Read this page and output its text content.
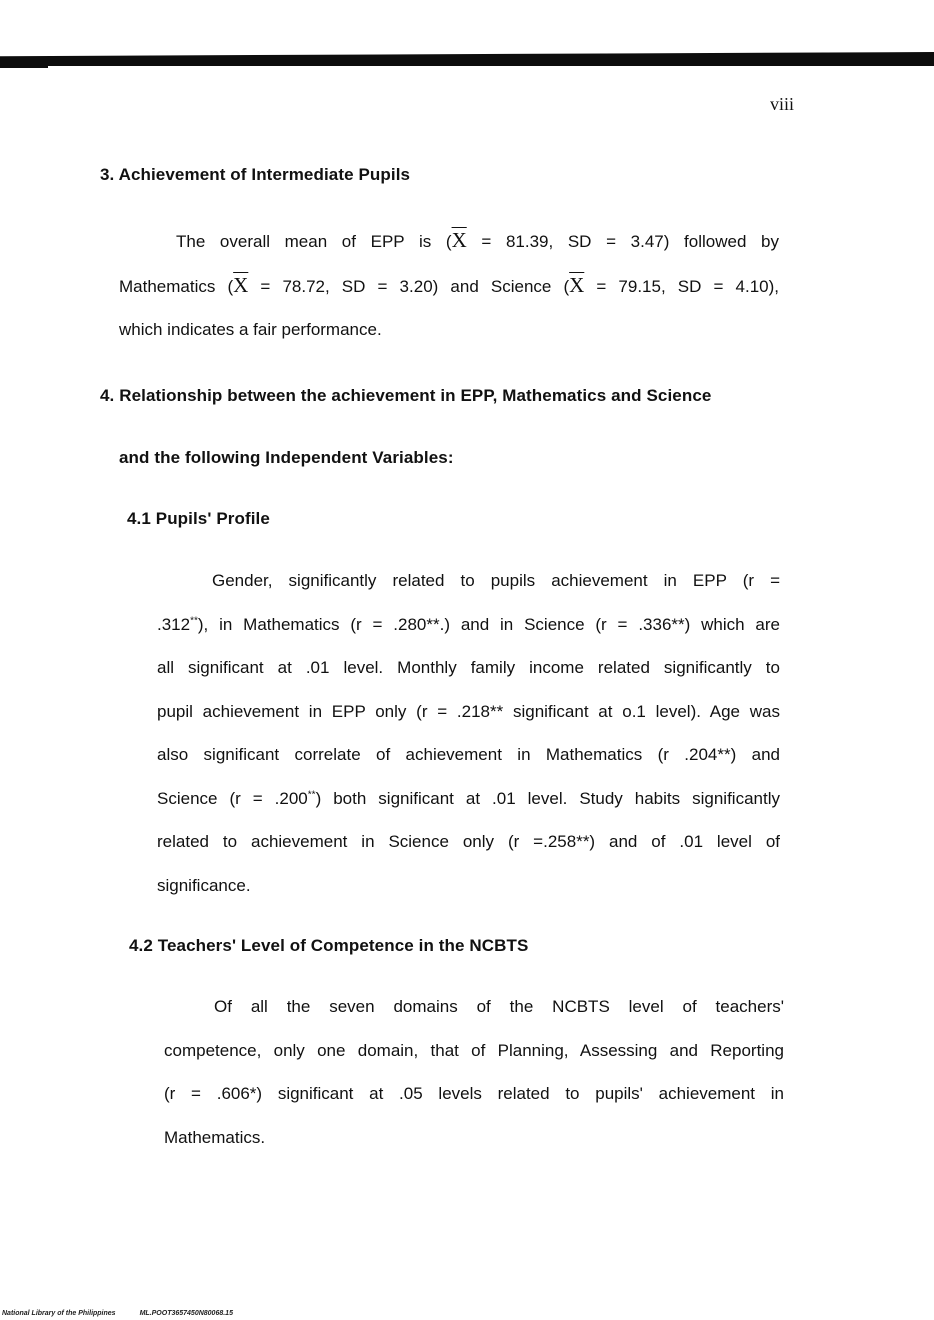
viii
3. Achievement of Intermediate Pupils
The overall mean of EPP is ($\overline{X} = 81.39$, SD = 3.47) followed by
Mathematics ($\overline{X} = 78.72$, SD = 3.20) and Science ($\overline{X} = 79.15$, SD = 4.10),
which indicates a fair performance.
4. Relationship between the achievement in EPP, Mathematics and Science
and the following Independent Variables:
4.1 Pupils' Profile
Gender, significantly related to pupils achievement in EPP (r =
.312**), in Mathematics (r = .280**.) and in Science (r = .336**) which are
all significant at .01 level. Monthly family income related significantly to
pupil achievement in EPP only (r = .218** significant at o.1 level). Age was
also significant correlate of achievement in Mathematics (r .204**) and
Science (r = .200**) both significant at .01 level. Study habits significantly
related to achievement in Science only (r =.258**) and of .01 level of
significance.
4.2 Teachers' Level of Competence in the NCBTS
Of all the seven domains of the NCBTS level of teachers'
competence, only one domain, that of Planning, Assessing and Reporting
(r = .606*) significant at .05 levels related to pupils' achievement in
Mathematics.
National Library of the Philippines	ML.POOT3657450N80068.15
